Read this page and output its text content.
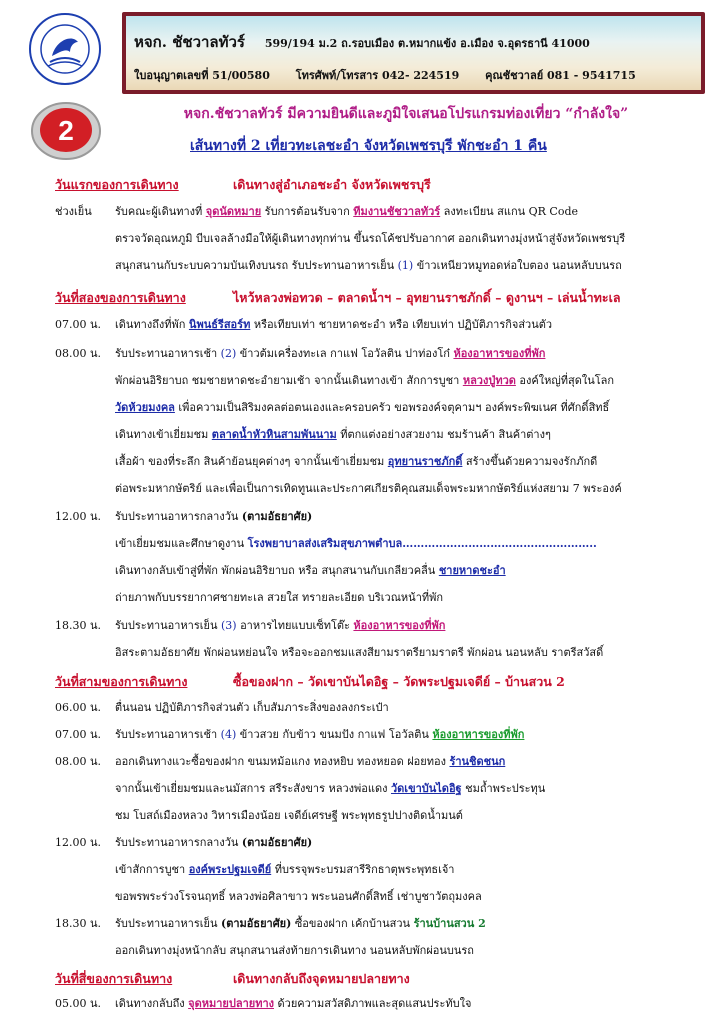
หจก. ชัชวาลทัวร์ 599/194 ม.2 ถ.รอบเมือง ต.หมากแข้ง อ.เมือง จ.อุดรธานี 41000
ใบอนุญาตเลขที่ 51/00580 โทรศัพท์/โทรสาร 042- 224519 คุณชัชวาลย์ 081 - 9541715
2
หจก.ชัชวาลทัวร์ มีความยินดีและภูมิใจเสนอโปรแกรมท่องเที่ยว “กำลังใจ”
เส้นทางที่ 2 เที่ยวทะเลชะอำ จังหวัดเพชรบุรี พักชะอำ 1 คืน
วันแรกของการเดินทาง	เดินทางสู่อำเภอชะอำ จังหวัดเพชรบุรี
ช่วงเย็น รับคณะผู้เดินทางที่ จุดนัดหมาย รับการต้อนรับจาก ทีมงานชัชวาลทัวร์ ลงทะเบียน สแกน QR Code
ตรวจวัดอุณหภูมิ บีบเจลล้างมือให้ผู้เดินทางทุกท่าน ขึ้นรถโค้ชปรับอากาศ ออกเดินทางมุ่งหน้าสู่จังหวัดเพชรบุรี
สนุกสนานกับระบบความบันเทิงบนรถ รับประทานอาหารเย็น (1) ข้าวเหนียวหมูทอดห่อใบตอง นอนหลับบนรถ
วันที่สองของการเดินทาง	ไหว้หลวงพ่อทวด – ตลาดน้ำฯ – อุทยานราชภักดิ์ – ดูงานฯ – เล่นน้ำทะเล
07.00 น. เดินทางถึงที่พัก นิพนธ์รีสอร์ท หรือเทียบเท่า ชายหาดชะอำ หรือ เทียบเท่า ปฏิบัติภารกิจส่วนตัว
08.00 น. รับประทานอาหารเช้า (2) ข้าวต้มเครื่องทะเล กาแฟ โอวัลติน ปาท่องโก๋ ห้องอาหารของที่พัก
พักผ่อนอิริยาบถ ชมชายหาดชะอำยามเช้า จากนั้นเดินทางเข้า สักการบูชา หลวงปู่ทวด องค์ใหญ่ที่สุดในโลก
วัดห้วยมงคล เพื่อความเป็นสิริมงคลต่อตนเองและครอบครัว ขอพรองค์จตุคามฯ องค์พระพิฆเนศ ที่ศักดิ์สิทธิ์
เดินทางเข้าเยี่ยมชม ตลาดน้ำหัวหินสามพันนาม ที่ตกแต่งอย่างสวยงาม ชมร้านค้า สินค้าต่างๆ
เสื้อผ้า ของที่ระลึก สินค้าย้อนยุคต่างๆ จากนั้นเข้าเยี่ยมชม อุทยานราชภักดิ์ สร้างขึ้นด้วยความจงรักภักดี
ต่อพระมหากษัตริย์ และเพื่อเป็นการเทิดทูนและประกาศเกียรติคุณสมเด็จพระมหากษัตริย์แห่งสยาม 7 พระองค์
12.00 น. รับประทานอาหารกลางวัน (ตามอัธยาศัย)
เข้าเยี่ยมชมและศึกษาดูงาน โรงพยาบาลส่งเสริมสุขภาพตำบล……………………………………………..
เดินทางกลับเข้าสู่ที่พัก พักผ่อนอิริยาบถ หรือ สนุกสนานกับเกลียวคลื่น ชายหาดชะอำ
ถ่ายภาพกับบรรยากาศชายทะเล สวยใส ทรายละเอียด บริเวณหน้าที่พัก
18.30 น. รับประทานอาหารเย็น (3) อาหารไทยแบบเซ็ทโต๊ะ ห้องอาหารของที่พัก
อิสระตามอัธยาศัย พักผ่อนหย่อนใจ หรือจะออกชมแสงสียามราตรียามราตรี พักผ่อน นอนหลับ ราตรีสวัสดิ์
วันที่สามของการเดินทาง	ซื้อของฝาก – วัดเขาบันไดอิฐ – วัดพระปฐมเจดีย์ – บ้านสวน 2
06.00 น. ตื่นนอน ปฏิบัติภารกิจส่วนตัว เก็บสัมภาระสิ่งของลงกระเป๋า
07.00 น. รับประทานอาหารเช้า (4) ข้าวสวย กับข้าว ขนมปัง กาแฟ โอวัลติน ห้องอาหารของที่พัก
08.00 น. ออกเดินทางแวะซื้อของฝาก ขนมหม้อแกง ทองหยิบ ทองหยอด ฝอยทอง ร้านชิดชนก
จากนั้นเข้าเยี่ยมชมและนมัสการ สรีระสังขาร หลวงพ่อแดง วัดเขาบันไดอิฐ ชมถ้ำพระประทุน
ชม โบสถ์เมืองหลวง วิหารเมืองน้อย เจดีย์เศรษฐี พระพุทธรูปปางติดน้ำมนต์
12.00 น. รับประทานอาหารกลางวัน (ตามอัธยาศัย)
เข้าสักการบูชา องค์พระปฐมเจดีย์ ที่บรรจุพระบรมสารีริกธาตุพระพุทธเจ้า
ขอพรพระร่วงโรจนฤทธิ์ หลวงพ่อศิลาขาว พระนอนศักดิ์สิทธิ์ เช่าบูชาวัตถุมงคล
18.30 น. รับประทานอาหารเย็น (ตามอัธยาศัย) ซื้อของฝาก เค้กบ้านสวน ร้านบ้านสวน 2
ออกเดินทางมุ่งหน้ากลับ สนุกสนานส่งท้ายการเดินทาง นอนหลับพักผ่อนบนรถ
วันที่สี่ของการเดินทาง	เดินทางกลับถึงจุดหมายปลายทาง
05.00 น. เดินทางกลับถึง จุดหมายปลายทาง ด้วยความสวัสดิภาพและสุดแสนประทับใจ
